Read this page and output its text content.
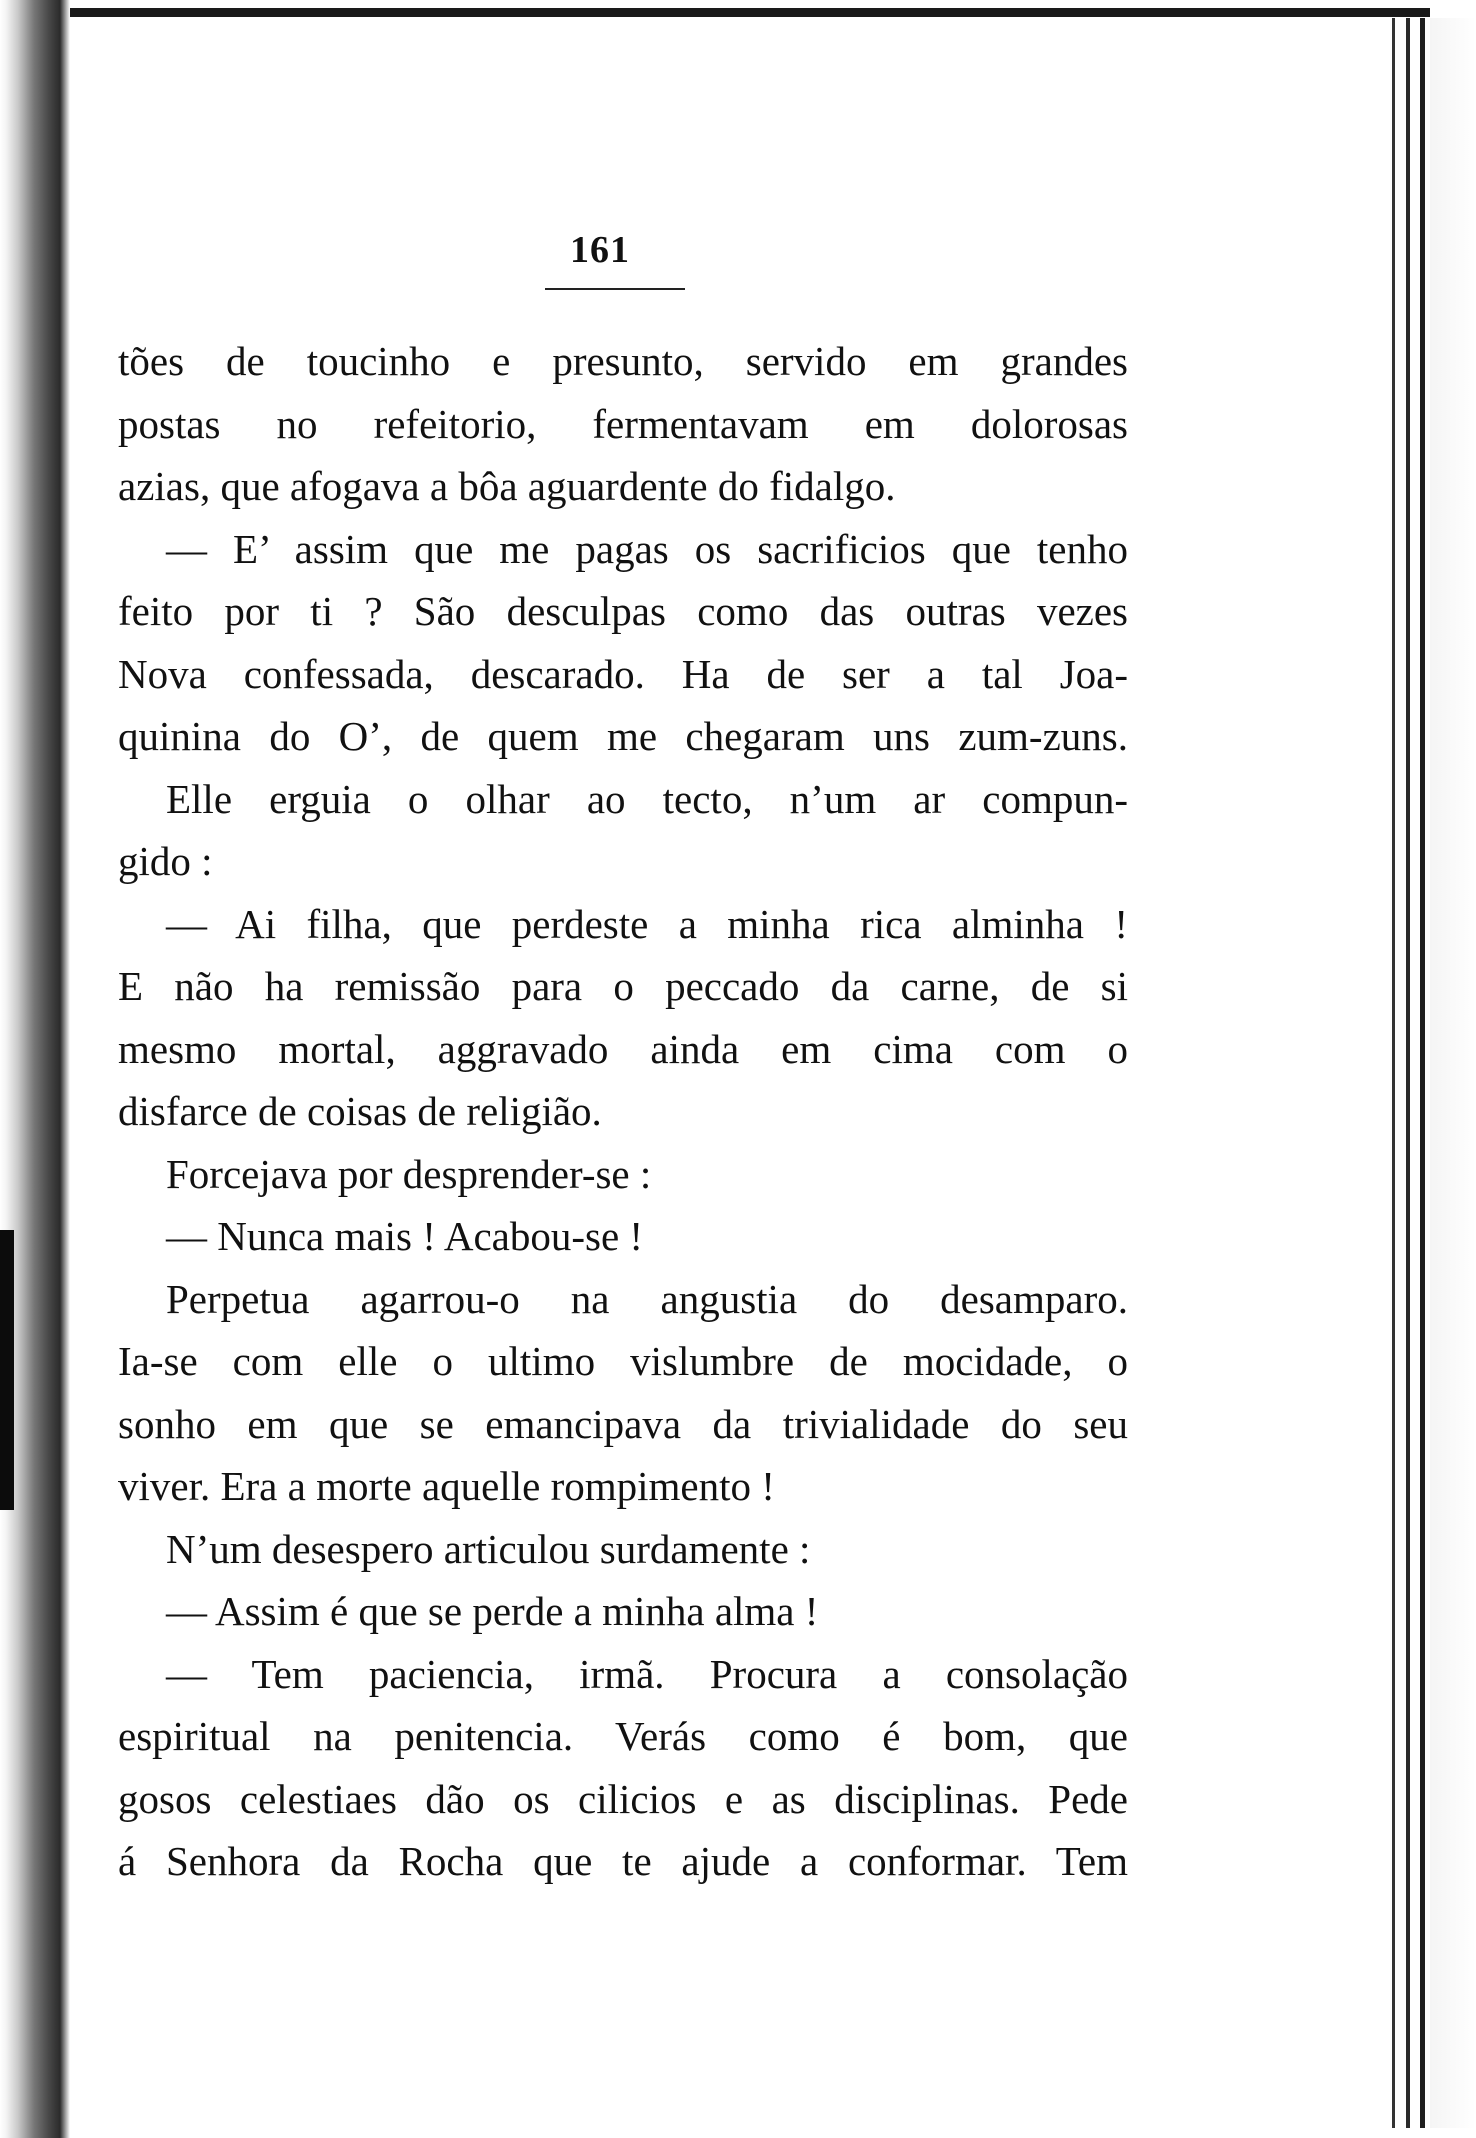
161
tões de toucinho e presunto, servido em grandes
postas no refeitorio, fermentavam em dolorosas
azias, que afogava a bôa aguardente do fidalgo.
— E’ assim que me pagas os sacrificios que tenho
feito por ti ? São desculpas como das outras vezes
Nova confessada, descarado. Ha de ser a tal Joa-
quinina do O’, de quem me chegaram uns zum-zuns.
Elle erguia o olhar ao tecto, n’um ar compun-
gido :
— Ai filha, que perdeste a minha rica alminha !
E não ha remissão para o peccado da carne, de si
mesmo mortal, aggravado ainda em cima com o
disfarce de coisas de religião.
Forcejava por desprender-se :
— Nunca mais ! Acabou-se !
Perpetua agarrou-o na angustia do desamparo.
Ia-se com elle o ultimo vislumbre de mocidade, o
sonho em que se emancipava da trivialidade do seu
viver. Era a morte aquelle rompimento !
N’um desespero articulou surdamente :
— Assim é que se perde a minha alma !
— Tem paciencia, irmã. Procura a consolação
espiritual na penitencia. Verás como é bom, que
gosos celestiaes dão os cilicios e as disciplinas. Pede
á Senhora da Rocha que te ajude a conformar. Tem
